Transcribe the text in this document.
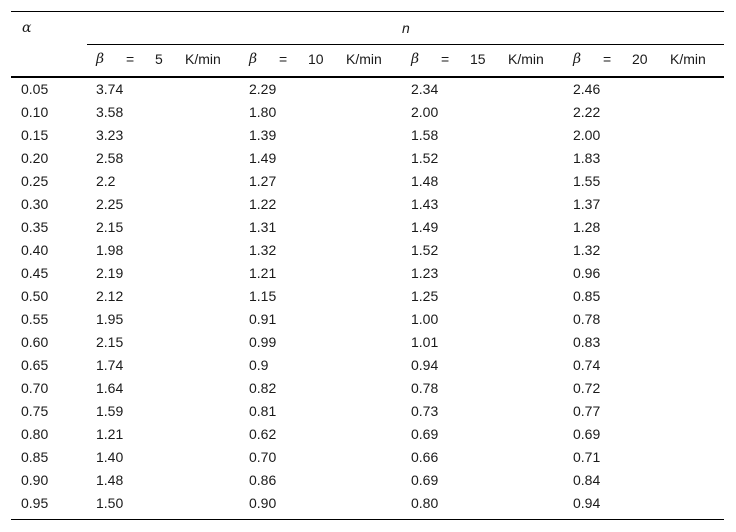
α	n
β = 5 K/min β = 10 K/min β = 15 K/min β = 20 K/min
0.05	3.74	2.29	2.34	2.46
0.10	3.58	1.80	2.00	2.22
0.15	3.23	1.39	1.58	2.00
0.20	2.58	1.49	1.52	1.83
0.25	2.2	1.27	1.48	1.55
0.30	2.25	1.22	1.43	1.37
0.35	2.15	1.31	1.49	1.28
0.40	1.98	1.32	1.52	1.32
0.45	2.19	1.21	1.23	0.96
0.50	2.12	1.15	1.25	0.85
0.55	1.95	0.91	1.00	0.78
0.60	2.15	0.99	1.01	0.83
0.65	1.74	0.9	0.94	0.74
0.70	1.64	0.82	0.78	0.72
0.75	1.59	0.81	0.73	0.77
0.80	1.21	0.62	0.69	0.69
0.85	1.40	0.70	0.66	0.71
0.90	1.48	0.86	0.69	0.84
0.95	1.50	0.90	0.80	0.94
